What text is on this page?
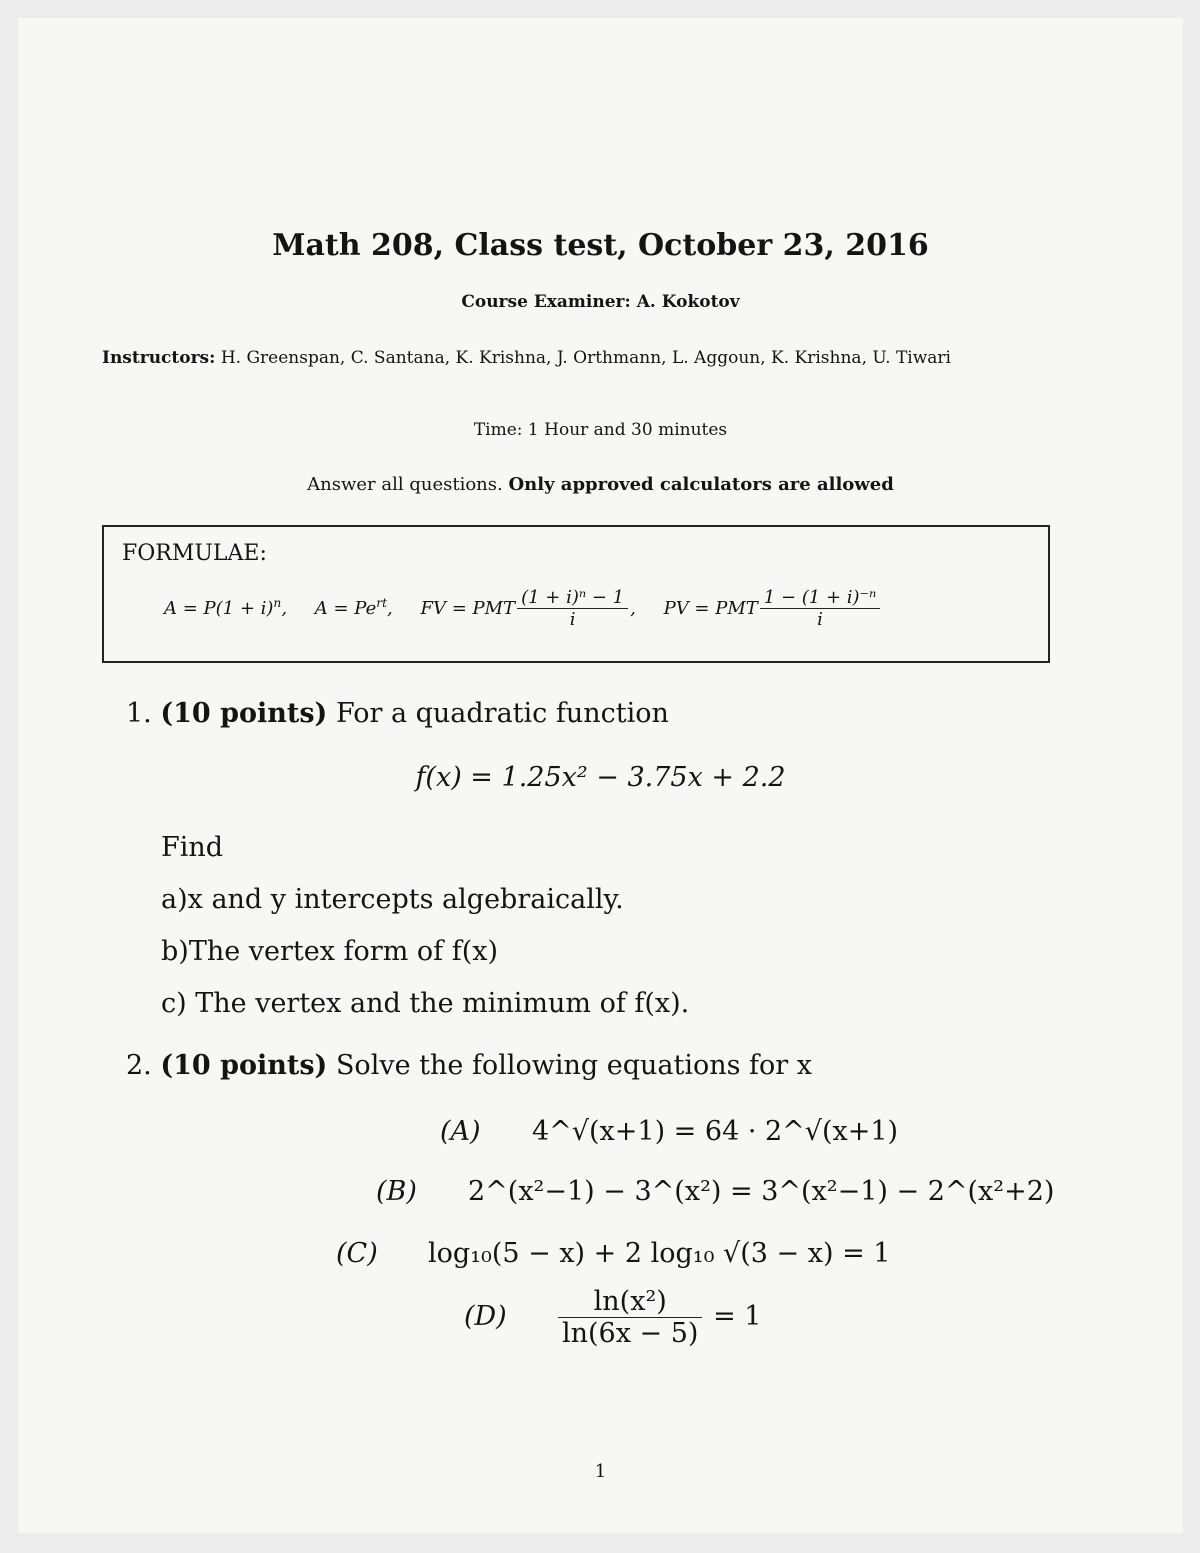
Math 208, Class test, October 23, 2016
Course Examiner: A. Kokotov
Instructors: H. Greenspan, C. Santana, K. Krishna, J. Orthmann, L. Aggoun, K. Krishna, U. Tiwari
Time: 1 Hour and 30 minutes
Answer all questions. Only approved calculators are allowed
FORMULAE:
$A = P(1 + i)^n$, $A = Pe^{rt}$, FV = PMT $\frac{\text{(1 + i)ⁿ − 1}}{i}$ , PV = PMT $\frac{\text{1 − (1 + i)⁻ⁿ}}{i}$
1. (10 points) For a quadratic function
f(x) = 1.25x² − 3.75x + 2.2
Find
a)x and y intercepts algebraically.
b)The vertex form of f(x)
c) The vertex and the minimum of f(x).
2. (10 points) Solve the following equations for x
(A) 4^√(x+1) = 64 · 2^√(x+1)
(B) 2^(x²−1) − 3^(x²) = 3^(x²−1) − 2^(x²+2)
(C) log₁₀(5 − x) + 2 log₁₀ √(3 − x) = 1
$(D) \frac{\text{ln(x²)}}{\ln(6x - 5)} = 1$
1
